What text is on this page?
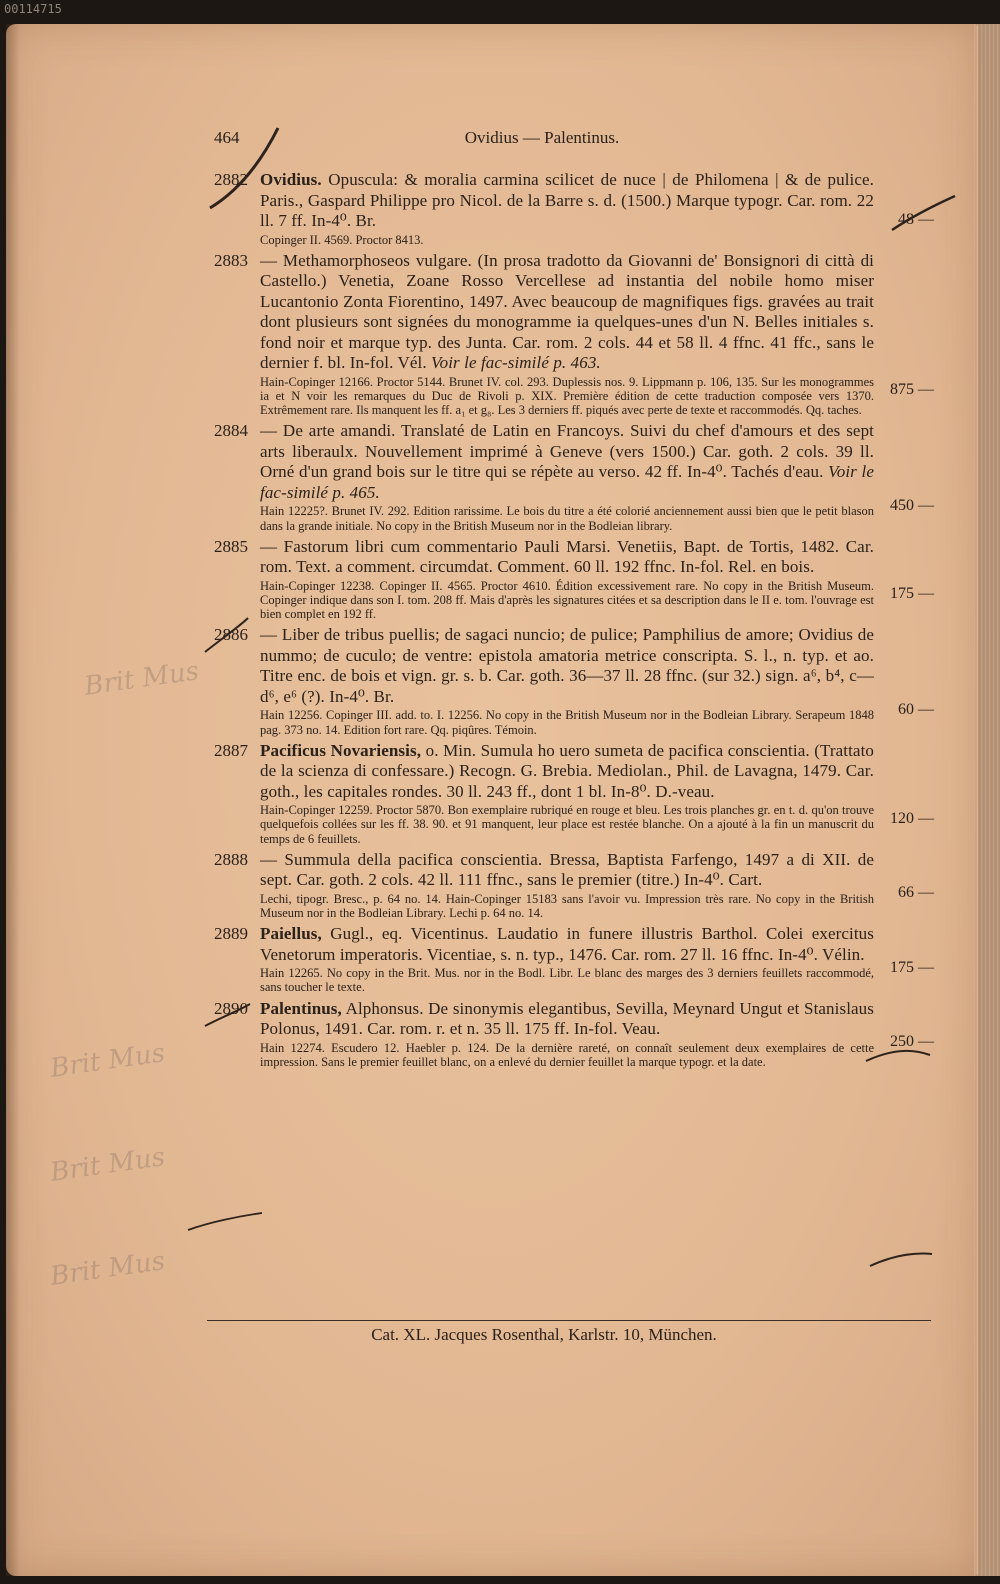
00114715
464	Ovidius — Palentinus.
2882 Ovidius. Opuscula: & moralia carmina scilicet de nuce | de Philomena | & de pulice. Paris., Gaspard Philippe pro Nicol. de la Barre s. d. (1500.) Marque typogr. Car. rom. 22 ll. 7 ff. In-4⁰. Br.
Copinger II. 4569. Proctor 8413.
48 —
2883 — Methamorphoseos vulgare. (In prosa tradotto da Giovanni de' Bonsignori di città di Castello.) Venetia, Zoane Rosso Vercellese ad instantia del nobile homo miser Lucantonio Zonta Fiorentino, 1497. Avec beaucoup de magnifiques figs. gravées au trait dont plusieurs sont signées du monogramme ia quelques-unes d'un N. Belles initiales s. fond noir et marque typ. des Junta. Car. rom. 2 cols. 44 et 58 ll. 4 ffnc. 41 ffc., sans le dernier f. bl. In-fol. Vél. Voir le fac-similé p. 463.
Hain-Copinger 12166. Proctor 5144. Brunet IV. col. 293. Duplessis nos. 9. Lippmann p. 106, 135. Sur les monogrammes ia et N voir les remarques du Duc de Rivoli p. XIX. Première édition de cette traduction composée vers 1370. Extrêmement rare. Ils manquent les ff. a₁ et g₈. Les 3 derniers ff. piqués avec perte de texte et raccommodés. Qq. taches.
875 —
2884 — De arte amandi. Translaté de Latin en Francoys. Suivi du chef d'amours et des sept arts liberaulx. Nouvellement imprimé à Geneve (vers 1500.) Car. goth. 2 cols. 39 ll. Orné d'un grand bois sur le titre qui se répète au verso. 42 ff. In-4⁰. Tachés d'eau. Voir le fac-similé p. 465.
Hain 12225?. Brunet IV. 292. Edition rarissime. Le bois du titre a été colorié anciennement aussi bien que le petit blason dans la grande initiale. No copy in the British Museum nor in the Bodleian library.
450 —
2885 — Fastorum libri cum commentario Pauli Marsi. Venetiis, Bapt. de Tortis, 1482. Car. rom. Text. a comment. circumdat. Comment. 60 ll. 192 ffnc. In-fol. Rel. en bois.
Hain-Copinger 12238. Copinger II. 4565. Proctor 4610. Édition excessivement rare. No copy in the British Museum. Copinger indique dans son I. tom. 208 ff. Mais d'après les signatures citées et sa description dans le II e. tom. l'ouvrage est bien complet en 192 ff.
175 —
2886 — Liber de tribus puellis; de sagaci nuncio; de pulice; Pamphilius de amore; Ovidius de nummo; de cuculo; de ventre: epistola amatoria metrice conscripta. S. l., n. typ. et ao. Titre enc. de bois et vign. gr. s. b. Car. goth. 36—37 ll. 28 ffnc. (sur 32.) sign. a⁶, b⁴, c—d⁶, e⁶ (?). In-4⁰. Br.
Hain 12256. Copinger III. add. to. I. 12256. No copy in the British Museum nor in the Bodleian Library. Serapeum 1848 pag. 373 no. 14. Edition fort rare. Qq. piqûres. Témoin.
60 —
2887 Pacificus Novariensis, o. Min. Sumula ho uero sumeta de pacifica conscientia. (Trattato de la scienza di confessare.) Recogn. G. Brebia. Mediolan., Phil. de Lavagna, 1479. Car. goth., les capitales rondes. 30 ll. 243 ff., dont 1 bl. In-8⁰. D.-veau.
Hain-Copinger 12259. Proctor 5870. Bon exemplaire rubriqué en rouge et bleu. Les trois planches gr. en t. d. qu'on trouve quelquefois collées sur les ff. 38. 90. et 91 manquent, leur place est restée blanche. On a ajouté à la fin un manuscrit du temps de 6 feuillets.
120 —
2888 — Summula della pacifica conscientia. Bressa, Baptista Farfengo, 1497 a di XII. de sept. Car. goth. 2 cols. 42 ll. 111 ffnc., sans le premier (titre.) In-4⁰. Cart.
Lechi, tipogr. Bresc., p. 64 no. 14. Hain-Copinger 15183 sans l'avoir vu. Impression très rare. No copy in the British Museum nor in the Bodleian Library. Lechi p. 64 no. 14.
66 —
2889 Paiellus, Gugl., eq. Vicentinus. Laudatio in funere illustris Barthol. Colei exercitus Venetorum imperatoris. Vicentiae, s. n. typ., 1476. Car. rom. 27 ll. 16 ffnc. In-4⁰. Vélin.
Hain 12265. No copy in the Brit. Mus. nor in the Bodl. Libr. Le blanc des marges des 3 derniers feuillets raccommodé, sans toucher le texte.
175 —
2890 Palentinus, Alphonsus. De sinonymis elegantibus, Sevilla, Meynard Ungut et Stanislaus Polonus, 1491. Car. rom. r. et n. 35 ll. 175 ff. In-fol. Veau.
Hain 12274. Escudero 12. Haebler p. 124. De la dernière rareté, on connaît seulement deux exemplaires de cette impression. Sans le premier feuillet blanc, on a enlevé du dernier feuillet la marque typogr. et la date.
250 —
Cat. XL. Jacques Rosenthal, Karlstr. 10, München.
Brit Mus
Brit Mus
Brit Mus
Brit Mus
